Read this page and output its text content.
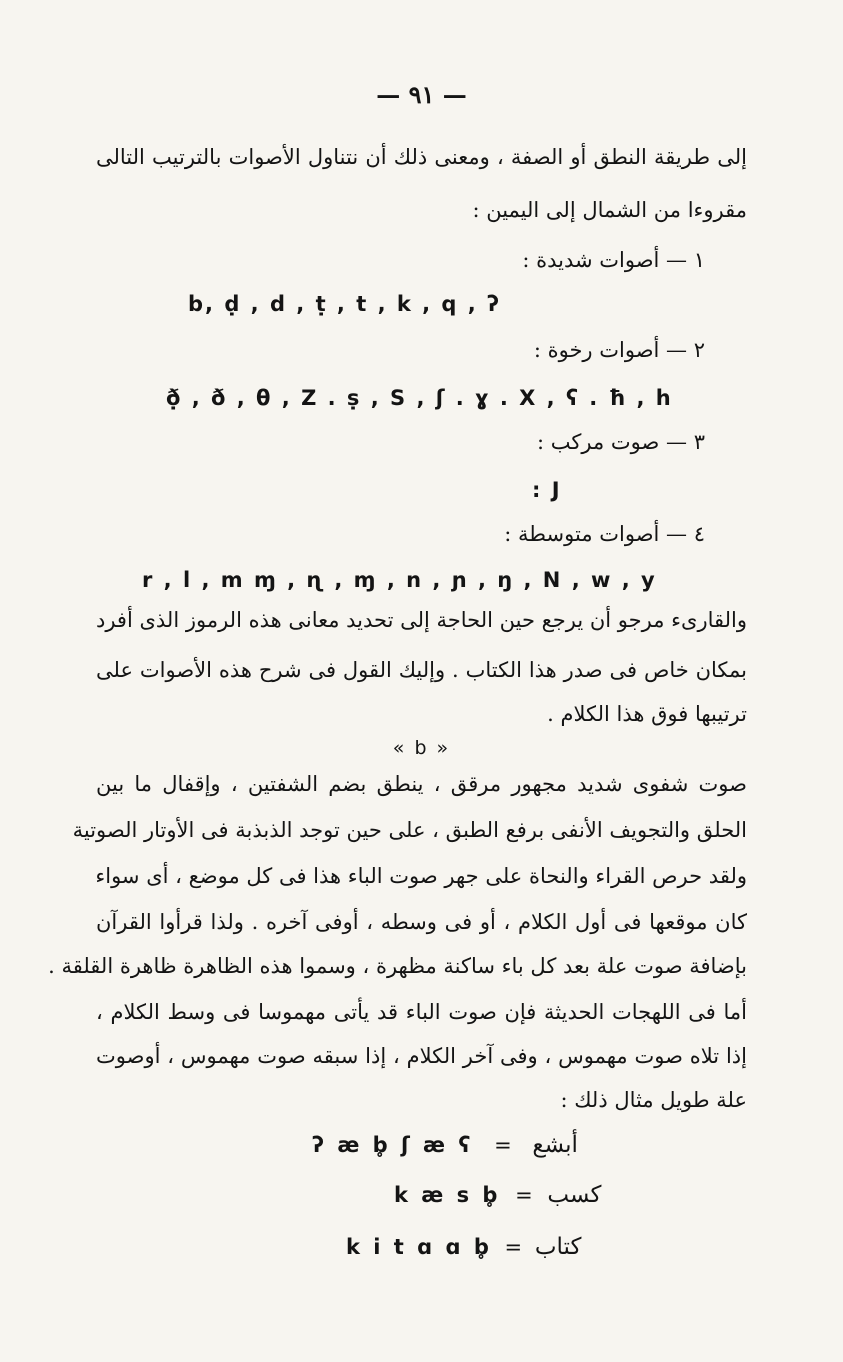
— ٩١ —
إلى طريقة النطق أو الصفة ، ومعنى ذلك أن نتناول الأصوات بالترتيب التالى
مقروءا من الشمال إلى اليمين :
١ — أصوات شديدة :
b, ḍ , d , ṭ , t , k , q , ʔ
٢ — أصوات رخوة :
ð̣ , ð , θ , Z . ṣ , S , ʃ . ɣ . X , ʕ . ħ , h
٣ — صوت مركب :
: J
٤ — أصوات متوسطة :
r , l , m ɱ , ɳ , ɱ , n , ɲ , ŋ , N , w , y
والقارىء مرجو أن يرجع حين الحاجة إلى تحديد معانى هذه الرموز الذى أفرد
بمكان خاص فى صدر هذا الكتاب . وإليك القول فى شرح هذه الأصوات على
ترتيبها فوق هذا الكلام .
« b »
صوت شفوى شديد مجهور مرقق ، ينطق بضم الشفتين ، وإقفال ما بين
الحلق والتجويف الأنفى برفع الطبق ، على حين توجد الذبذبة فى الأوتار الصوتية
ولقد حرص القراء والنحاة على جهر صوت الباء هذا فى كل موضع ، أى سواء
كان موقعها فى أول الكلام ، أو فى وسطه ، أوفى آخره . ولذا قرأوا القرآن
بإضافة صوت علة بعد كل باء ساكنة مظهرة ، وسموا هذه الظاهرة ظاهرة القلقة .
أما فى اللهجات الحديثة فإن صوت الباء قد يأتى مهموسا فى وسط الكلام ،
إذا تلاه صوت مهموس ، وفى آخر الكلام ، إذا سبقه صوت مهموس ، أوصوت
علة طويل مثال ذلك :
ʔ æ b̥ ʃ æ ʕ = أبشع
k æ s b̥ = كسب
k i t ɑ ɑ b̥ = كتاب
